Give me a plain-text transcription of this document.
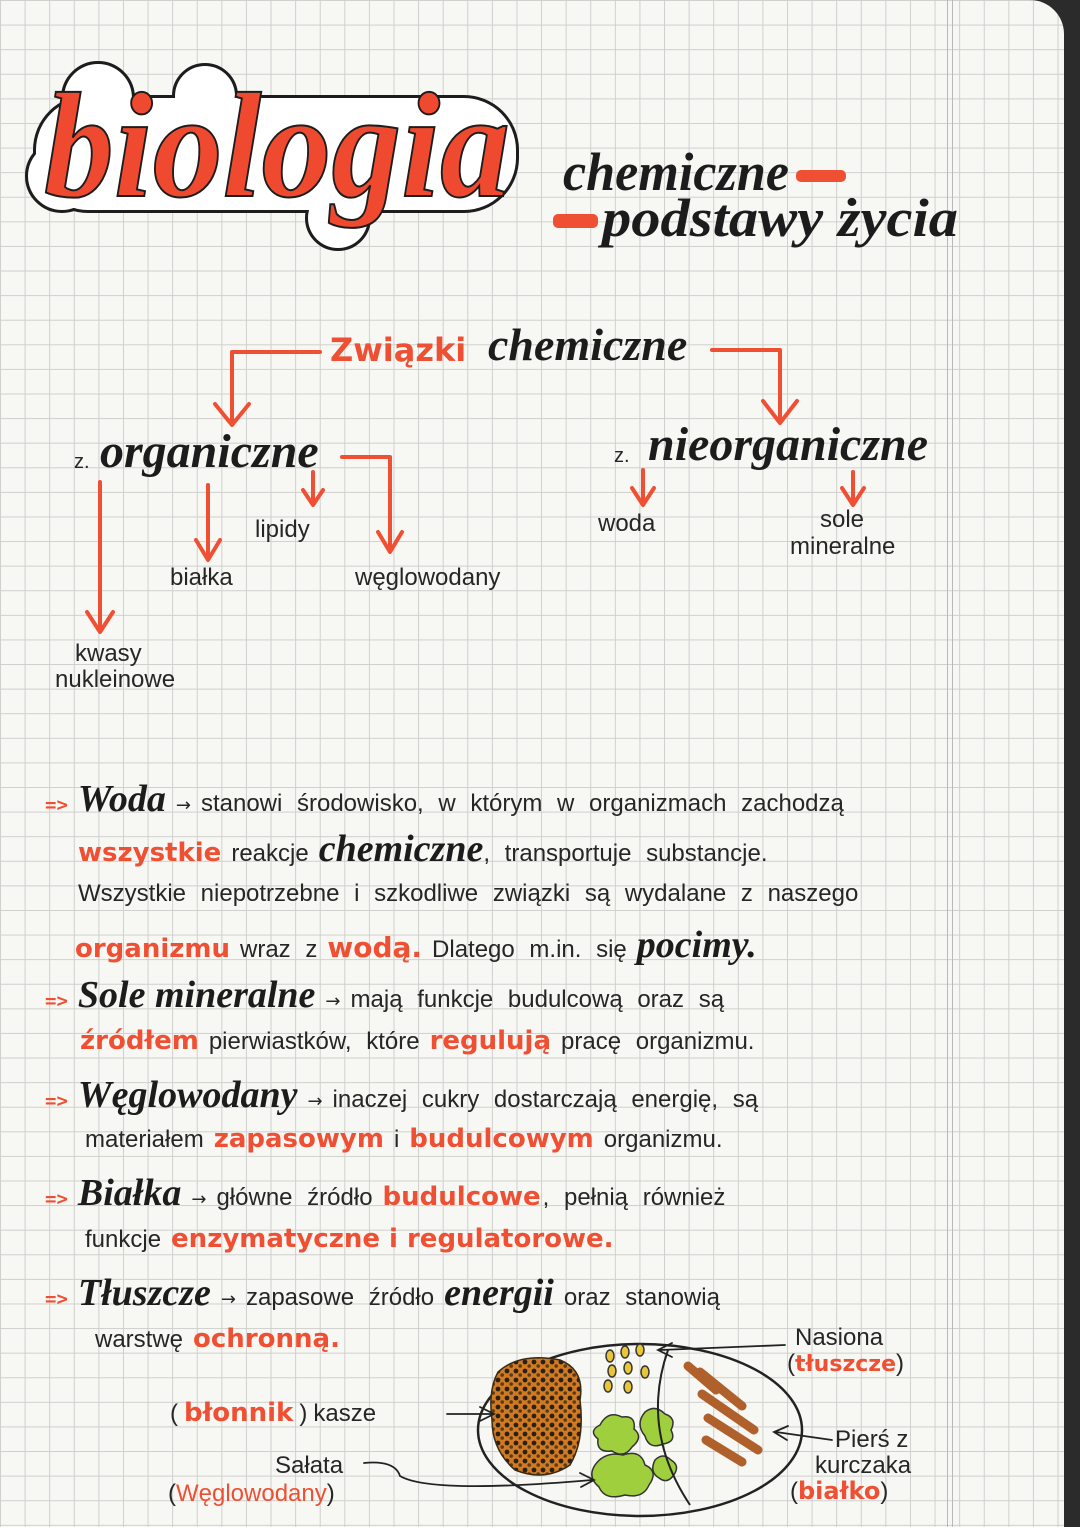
biologia chemiczne
podstawy życia
Związki chemiczne
z. organiczne	z. nieorganiczne
lipidy
białka	węglowodany
kwasy
nukleinowe
woda	sole
mineralne
=> Woda → stanowi środowisko, w którym w organizmach zachodzą
wszystkie reakcje chemiczne , transportuje substancje.
Wszystkie niepotrzebne i szkodliwe związki są wydalane z naszego
organizmu wraz z wodą. Dlatego m.in. się pocimy.
=> Sole mineralne → mają funkcje budulcową oraz są
źródłem pierwiastków, które regulują pracę organizmu.
=> Węglowodany → inaczej cukry dostarczają energię, są
materiałem zapasowym i budulcowym organizmu.
=> Białka → główne źródło budulcowe , pełnią również
funkcje enzymatyczne i regulatorowe.
=> Tłuszcze → zapasowe źródło energii oraz stanowią
warstwę ochronną.	Nasiona
( tłuszcze )
( błonnik ) kasze
Sałata
( Węglowodany )
Pierś z
kurczaka
( białko )
